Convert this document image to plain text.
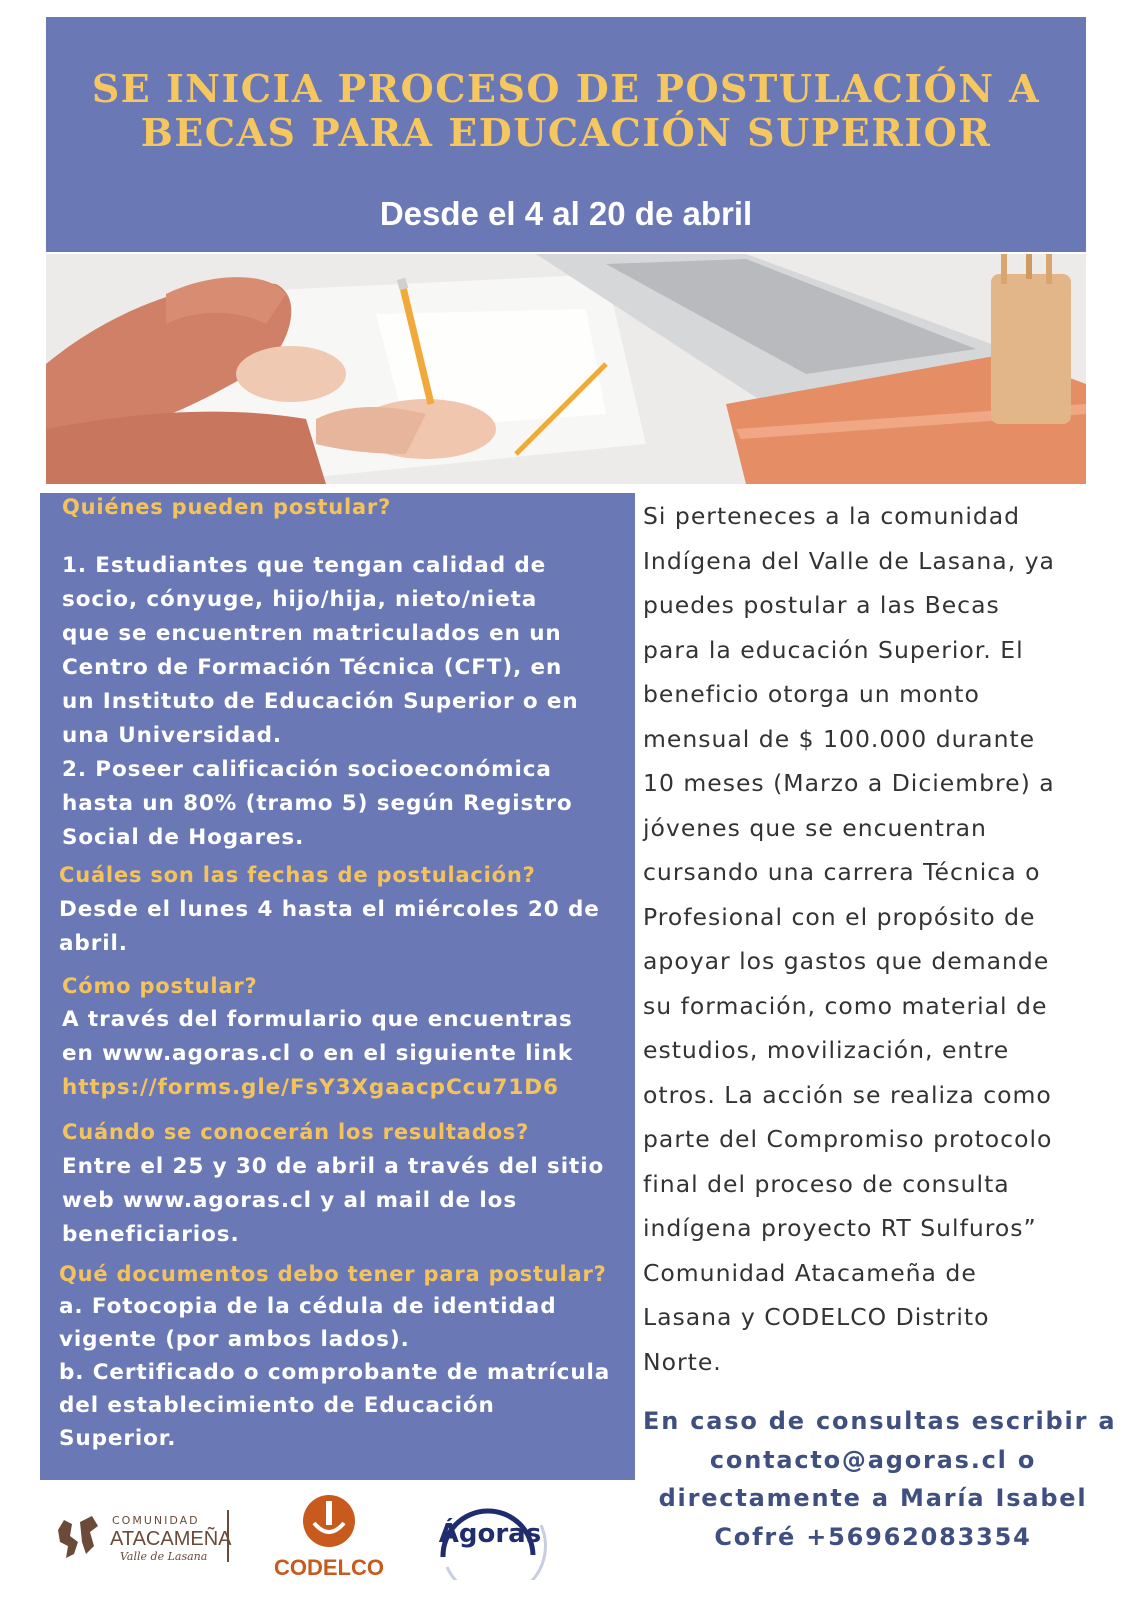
SE INICIA PROCESO DE POSTULACIÓN A
BECAS PARA EDUCACIÓN SUPERIOR
Desde el 4 al 20 de abril
Quiénes pueden postular?
1. Estudiantes que tengan calidad de
socio, cónyuge, hijo/hija, nieto/nieta
que se encuentren matriculados en un
Centro de Formación Técnica (CFT), en
un Instituto de Educación Superior o en
una Universidad.
2. Poseer calificación socioeconómica
hasta un 80% (tramo 5) según Registro
Social de Hogares.
Cuáles son las fechas de postulación?
Desde el lunes 4 hasta el miércoles 20 de
abril.
Cómo postular?
A través del formulario que encuentras
en www.agoras.cl o en el siguiente link
https://forms.gle/FsY3XgaacpCcu71D6
Cuándo se conocerán los resultados?
Entre el 25 y 30 de abril a través del sitio
web www.agoras.cl y al mail de los
beneficiarios.
Qué documentos debo tener para postular?
a. Fotocopia de la cédula de identidad
vigente (por ambos lados).
b. Certificado o comprobante de matrícula
del establecimiento de Educación
Superior.
Si perteneces a la comunidad
Indígena del Valle de Lasana, ya
puedes postular a las Becas
para la educación Superior. El
beneficio otorga un monto
mensual de $ 100.000 durante
10 meses (Marzo a Diciembre) a
jóvenes que se encuentran
cursando una carrera Técnica o
Profesional con el propósito de
apoyar los gastos que demande
su formación, como material de
estudios, movilización, entre
otros. La acción se realiza como
parte del Compromiso protocolo
final del proceso de consulta
indígena proyecto RT Sulfuros”
Comunidad Atacameña de
Lasana y CODELCO Distrito
Norte.
En caso de consultas escribir a
contacto@agoras.cl o
directamente a María Isabel
Cofré +56962083354
COMUNIDAD
ATACAMEÑA
Valle de Lasana	CODELCO
Ágoras
